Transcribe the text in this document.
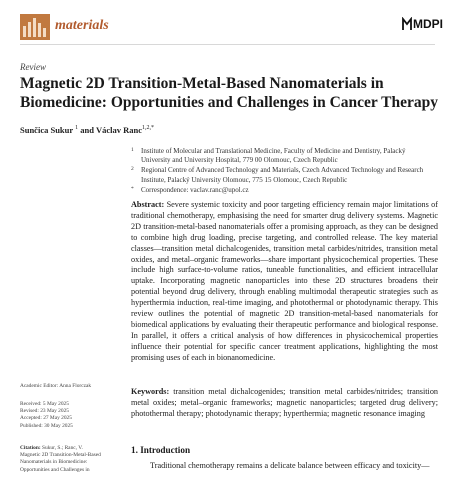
materials	MDPI
Review
Magnetic 2D Transition-Metal-Based Nanomaterials in Biomedicine: Opportunities and Challenges in Cancer Therapy
Sunčica Sukur $^1$ and Václav Ranc$^{1,2,*}$
1 Institute of Molecular and Translational Medicine, Faculty of Medicine and Dentistry, Palacký University and University Hospital, 779 00 Olomouc, Czech Republic
2 Regional Centre of Advanced Technology and Materials, Czech Advanced Technology and Research Institute, Palacký University Olomouc, 775 15 Olomouc, Czech Republic
* Correspondence: vaclav.ranc@upol.cz

Abstract: Severe systemic toxicity and poor targeting efficiency remain major limitations of traditional chemotherapy, emphasising the need for smarter drug delivery systems. Magnetic 2D transition-metal-based nanomaterials offer a promising approach, as they can be designed to combine high drug loading, precise targeting, and controlled release. The key material classes—transition metal dichalcogenides, transition metal carbides/nitrides, transition metal oxides, and metal–organic frameworks—share important physicochemical properties. These include high surface-to-volume ratios, tuneable functionalities, and efficient intracellular uptake. Incorporating magnetic nanoparticles into these 2D structures broadens their potential beyond drug delivery, through enabling multimodal therapeutic strategies such as hyperthermia induction, real-time imaging, and photothermal or photodynamic therapy. This review outlines the potential of magnetic 2D transition-metal-based nanomaterials for biomedical applications by evaluating their therapeutic performance and biological response. In parallel, it offers a critical analysis of how differences in physicochemical properties influence their potential for specific cancer treatment applications, highlighting the most promising uses of each in bionanomedicine.

Keywords: transition metal dichalcogenides; transition metal carbides/nitrides; transition metal oxides; metal–organic frameworks; magnetic nanoparticles; targeted drug delivery; photothermal therapy; photodynamic therapy; hyperthermia; magnetic resonance imaging

Academic Editor: Anna Florczak
Received: 5 May 2025
Revised: 23 May 2025
Accepted: 27 May 2025
Published: 30 May 2025
Citation: Sukur, S.; Ranc, V.
Magnetic 2D Transition-Metal-Based
Nanomaterials in Biomedicine:
Opportunities and Challenges in
1. Introduction

Traditional chemotherapy remains a delicate balance between efficacy and toxicity—
